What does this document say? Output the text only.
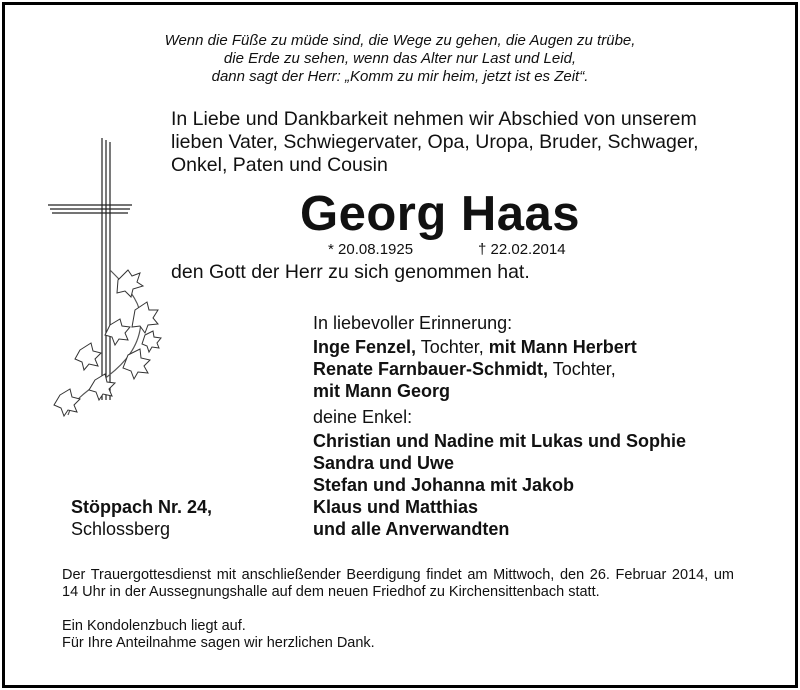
Wenn die Füße zu müde sind, die Wege zu gehen, die Augen zu trübe,
die Erde zu sehen, wenn das Alter nur Last und Leid,
dann sagt der Herr: „Komm zu mir heim, jetzt ist es Zeit“.
In Liebe und Dankbarkeit nehmen wir Abschied von unserem
lieben Vater, Schwiegervater, Opa, Uropa, Bruder, Schwager,
Onkel, Paten und Cousin
Georg Haas
* 20.08.1925	† 22.02.2014
den Gott der Herr zu sich genommen hat.
In liebevoller Erinnerung:
Inge Fenzel, Tochter, mit Mann Herbert
Renate Farnbauer-Schmidt, Tochter,
mit Mann Georg
deine Enkel:
Christian und Nadine mit Lukas und Sophie
Sandra und Uwe
Stefan und Johanna mit Jakob
Klaus und Matthias
und alle Anverwandten
Stöppach Nr. 24,
Schlossberg
Der Trauergottesdienst mit anschließender Beerdigung findet am Mittwoch, den 26. Februar 2014, um 14 Uhr in der Aussegnungshalle auf dem neuen Friedhof zu Kirchensittenbach statt.
Ein Kondolenzbuch liegt auf.
Für Ihre Anteilnahme sagen wir herzlichen Dank.
